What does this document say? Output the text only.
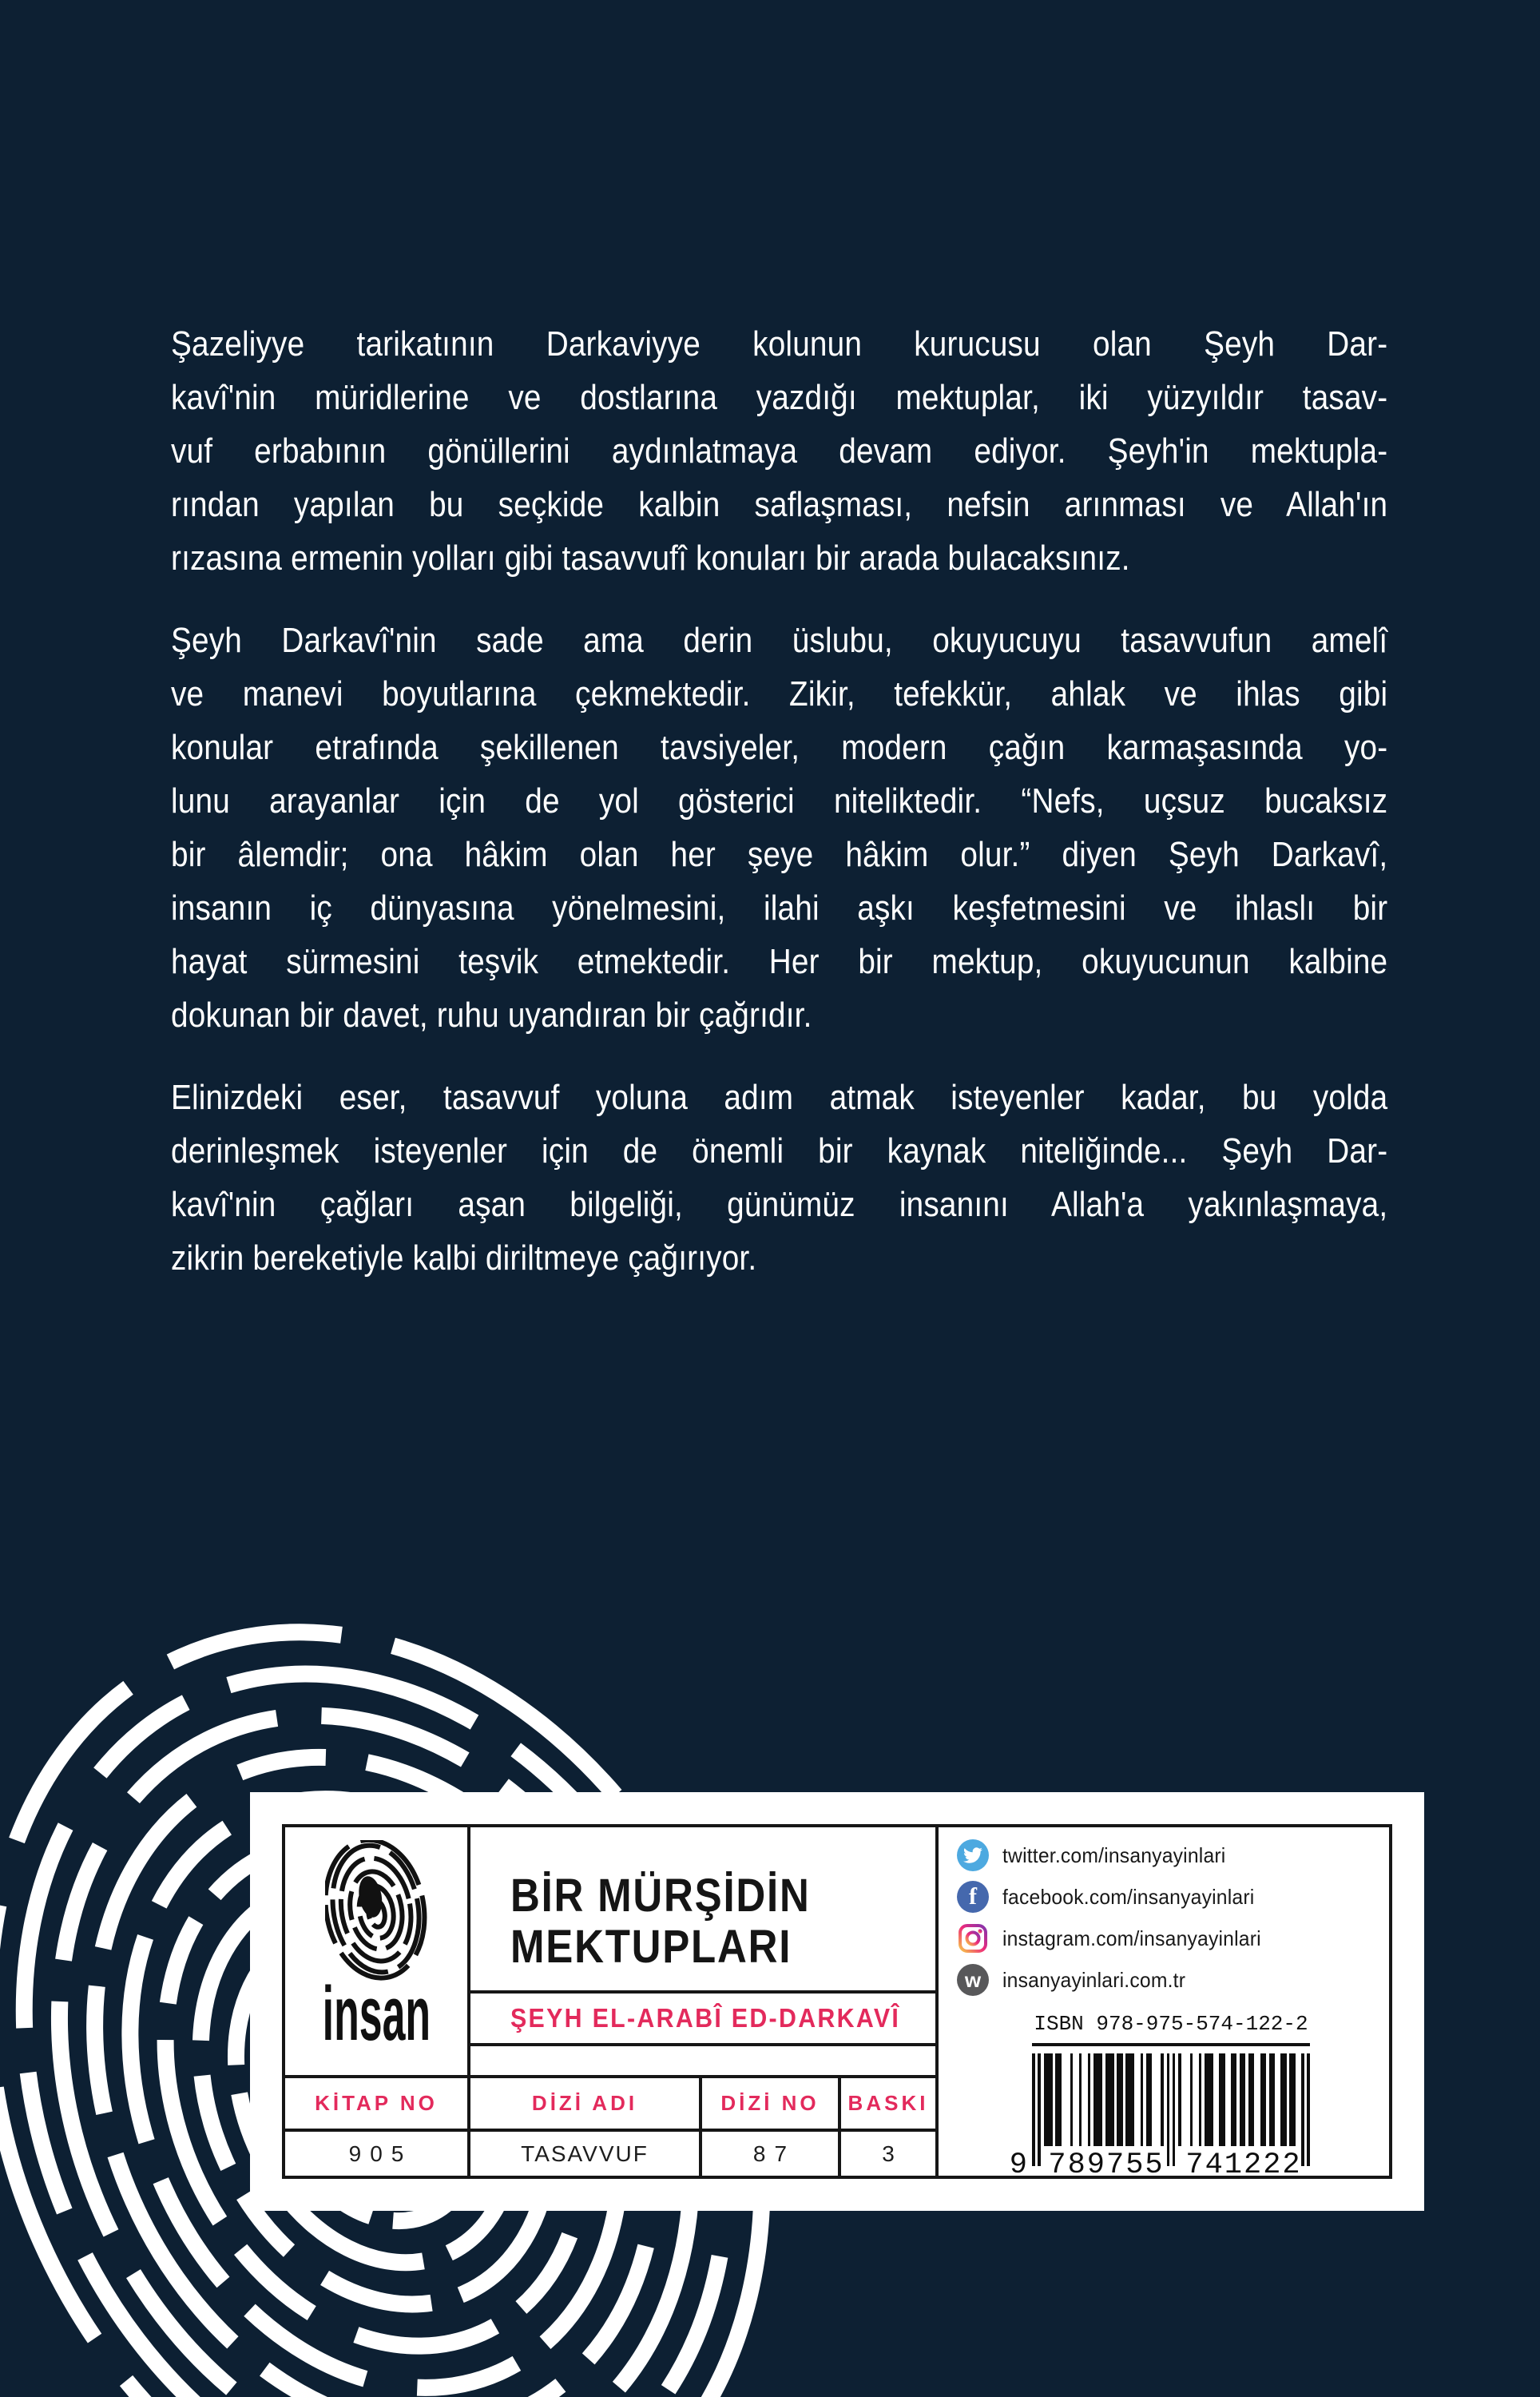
Şazeliyye tarikatının Darkaviyye kolunun kurucusu olan Şeyh Dar-
kavî'nin müridlerine ve dostlarına yazdığı mektuplar, iki yüzyıldır tasav-
vuf erbabının gönüllerini aydınlatmaya devam ediyor. Şeyh'in mektupla-
rından yapılan bu seçkide kalbin saflaşması, nefsin arınması ve Allah'ın
rızasına ermenin yolları gibi tasavvufî konuları bir arada bulacaksınız.
Şeyh Darkavî'nin sade ama derin üslubu, okuyucuyu tasavvufun amelî
ve manevi boyutlarına çekmektedir. Zikir, tefekkür, ahlak ve ihlas gibi
konular etrafında şekillenen tavsiyeler, modern çağın karmaşasında yo-
lunu arayanlar için de yol gösterici niteliktedir. “Nefs, uçsuz bucaksız
bir âlemdir; ona hâkim olan her şeye hâkim olur.” diyen Şeyh Darkavî,
insanın iç dünyasına yönelmesini, ilahi aşkı keşfetmesini ve ihlaslı bir
hayat sürmesini teşvik etmektedir. Her bir mektup, okuyucunun kalbine
dokunan bir davet, ruhu uyandıran bir çağrıdır.
Elinizdeki eser, tasavvuf yoluna adım atmak isteyenler kadar, bu yolda
derinleşmek isteyenler için de önemli bir kaynak niteliğinde... Şeyh Dar-
kavî'nin çağları aşan bilgeliği, günümüz insanını Allah'a yakınlaşmaya,
zikrin bereketiyle kalbi diriltmeye çağırıyor.
insan
BİR MÜRŞİDİN
MEKTUPLARI
ŞEYH EL-ARABÎ ED-DARKAVÎ
KİTAP NO	DİZİ ADI	DİZİ NO	BASKI
905	TASAVVUF	87	3
twitter.com/insanyayinlari
f facebook.com/insanyayinlari
instagram.com/insanyayinlari
w insanyayinlari.com.tr
ISBN 978-975-574-122-2
9 789755 741222
